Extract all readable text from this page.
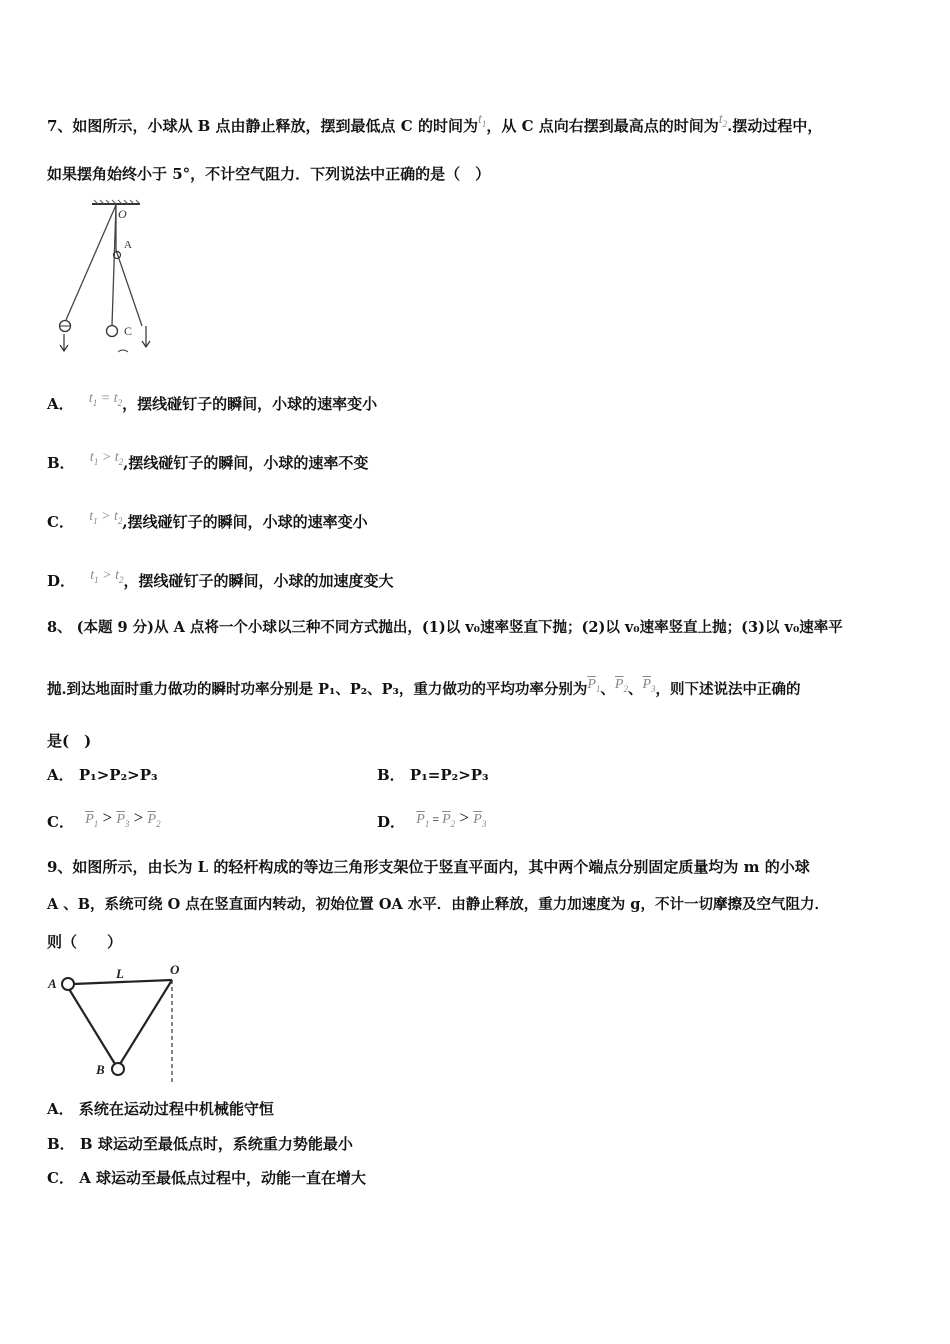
7、如图所示，小球从 B 点由静止释放，摆到最低点 C 的时间为$t_1$，从 C 点向右摆到最高点的时间为$t_2$.摆动过程中，
如果摆角始终小于 5°，不计空气阻力．下列说法中正确的是（　）
O
A
C
A． $t_1 = t_2$，摆线碰钉子的瞬间，小球的速率变小
B． $t_1 > t_2$,摆线碰钉子的瞬间，小球的速率不变
C． $t_1 > t_2$,摆线碰钉子的瞬间，小球的速率变小
D． $t_1 > t_2$，摆线碰钉子的瞬间，小球的加速度变大
8、 (本题 9 分)从 A 点将一个小球以三种不同方式抛出，(1)以 v₀速率竖直下抛；(2)以 v₀速率竖直上抛；(3)以 v₀速率平
抛.到达地面时重力做功的瞬时功率分别是 P₁、P₂、P₃，重力做功的平均功率分别为$\overline{P}_1$、$\overline{P}_2$、$\overline{P}_3$，则下述说法中正确的
是(　)
A． P₁>P₂>P₃	B． P₁=P₂>P₃
C． $\overline{P}_1 > \overline{P}_3 > \overline{P}_2$	D． $\overline{P}_1 = \overline{P}_2 > \overline{P}_3$
9、如图所示，由长为 L 的轻杆构成的等边三角形支架位于竖直平面内，其中两个端点分别固定质量均为 m 的小球
A 、B，系统可绕 O 点在竖直面内转动，初始位置 OA 水平．由静止释放，重力加速度为 g，不计一切摩擦及空气阻力．
则（　　）
A
L	O
B
A． 系统在运动过程中机械能守恒
B． B 球运动至最低点时，系统重力势能最小
C． A 球运动至最低点过程中，动能一直在增大
